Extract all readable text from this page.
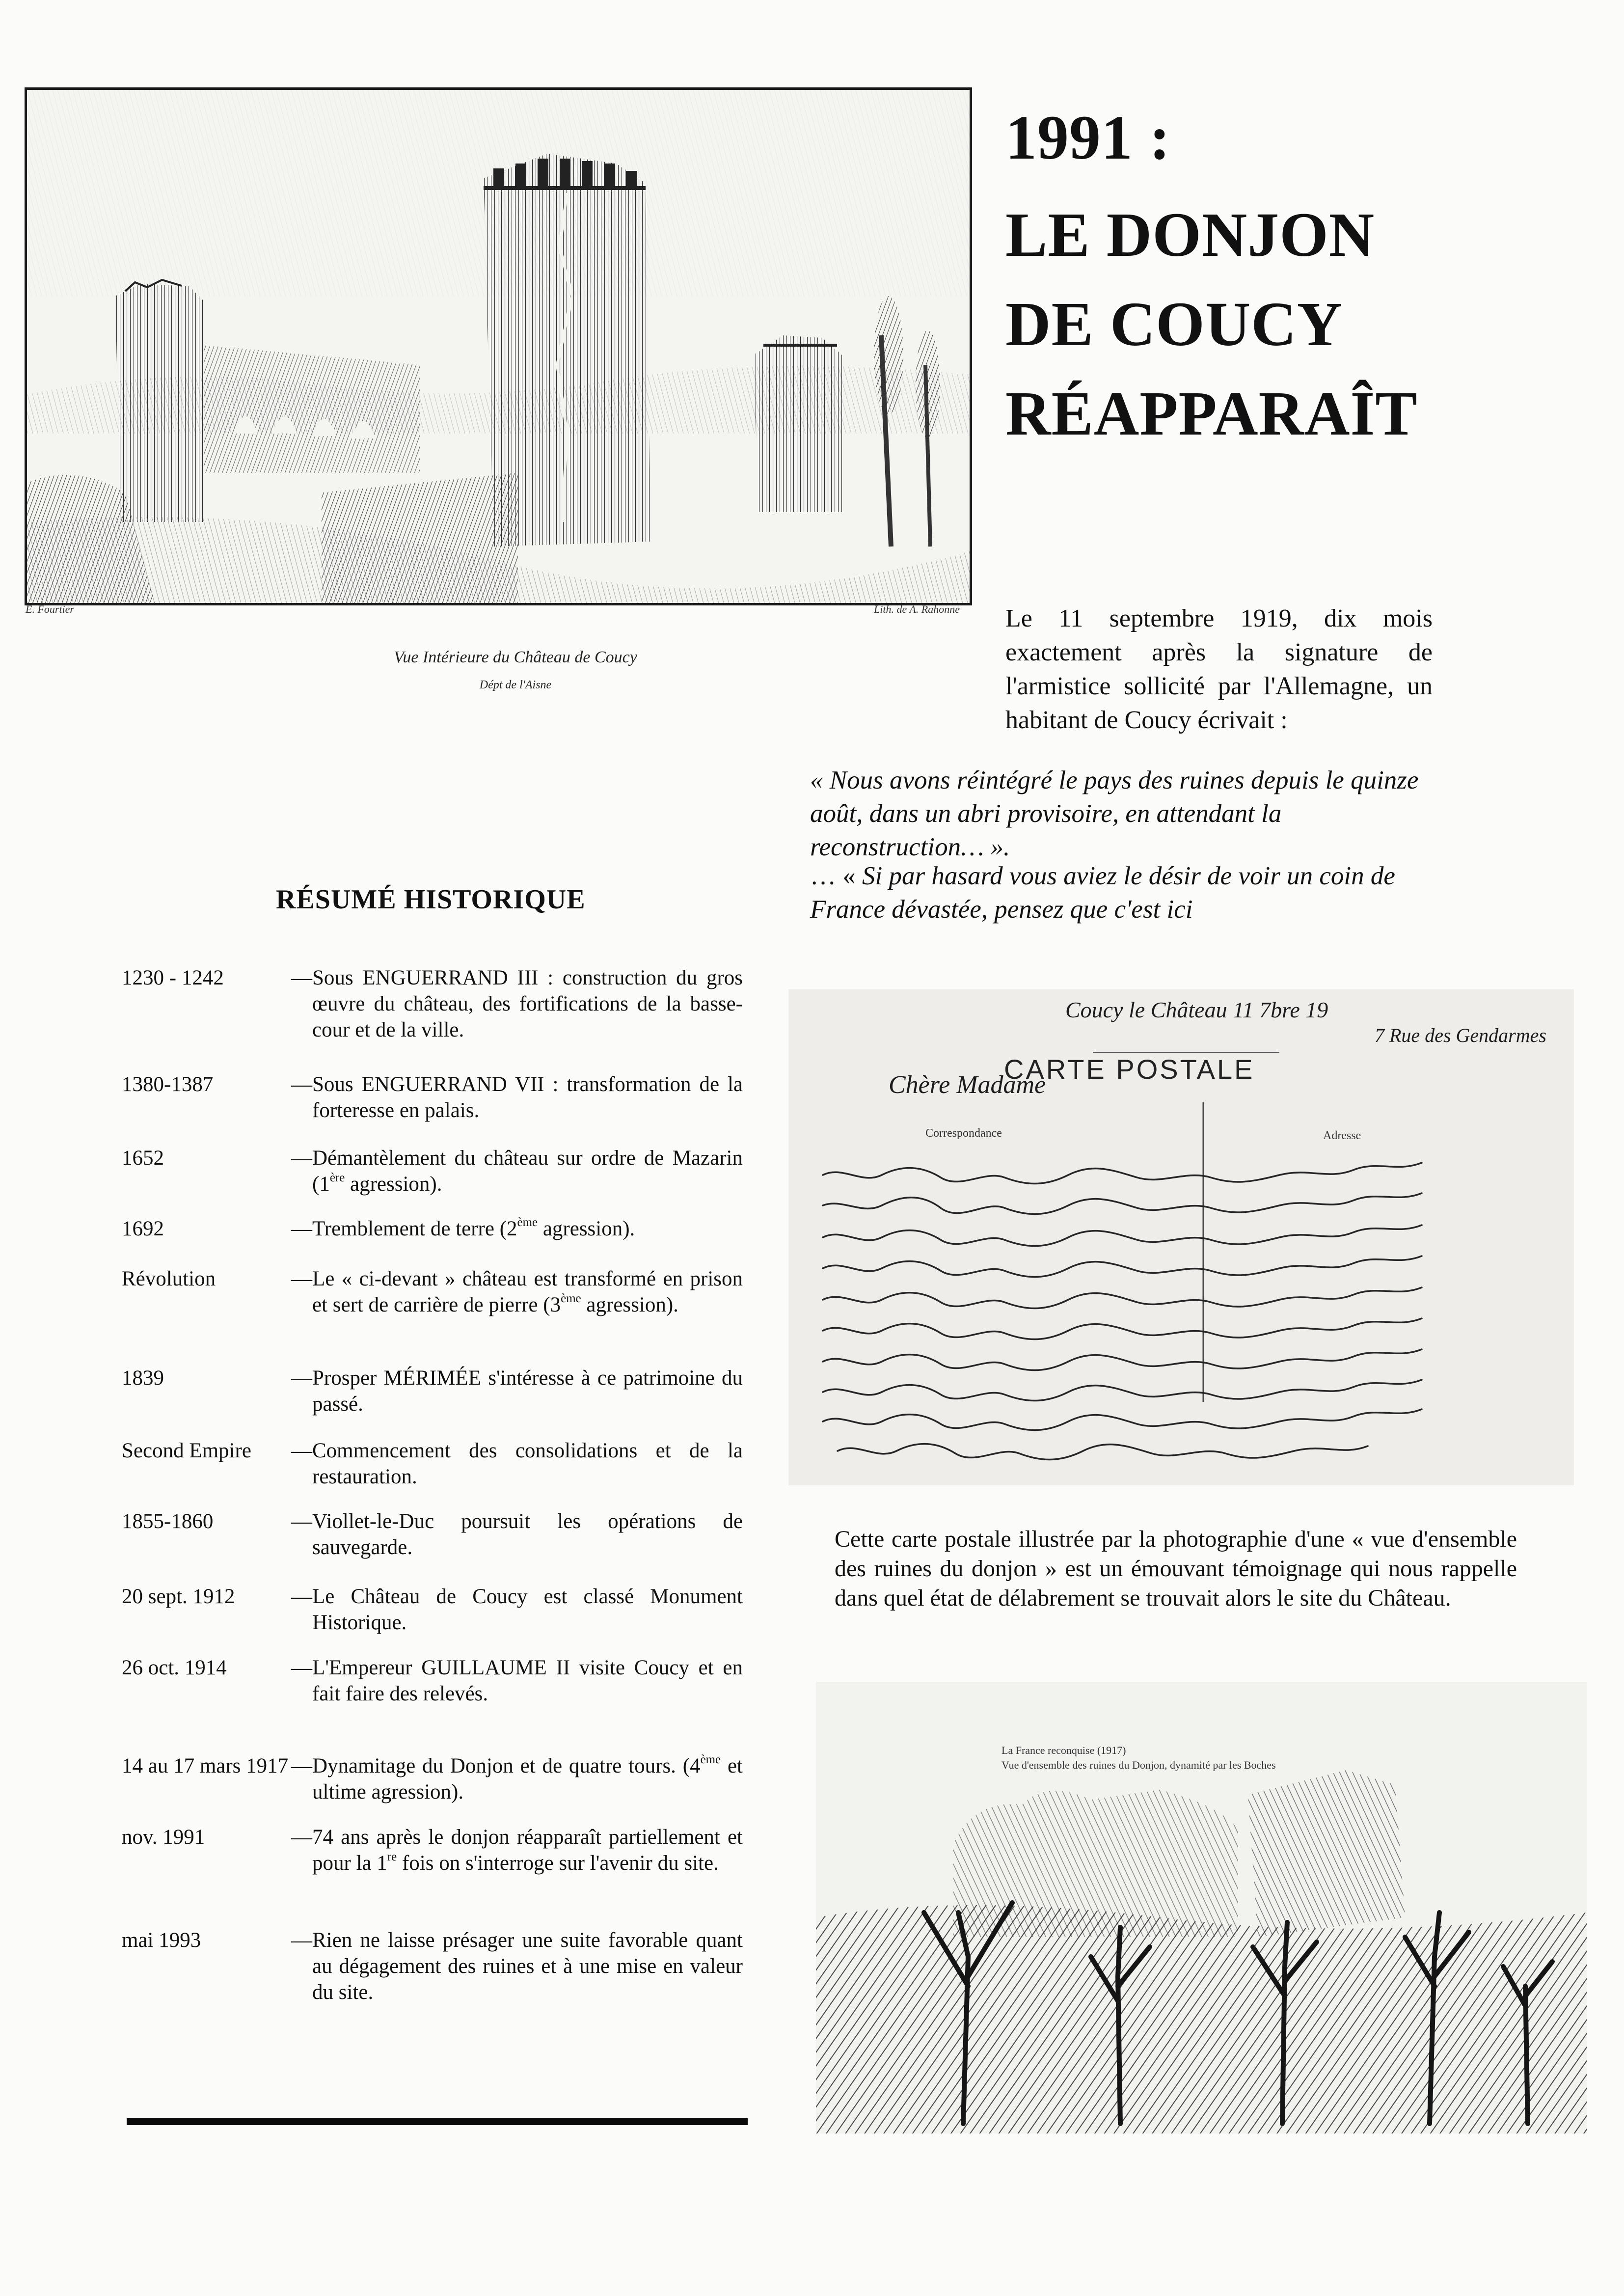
E. Fourtier	Lith. de A. Rahonne
Vue Intérieure du Château de Coucy
Dépt de l'Aisne
1991 :
LE DONJON
DE COUCY
RÉAPPARAÎT
Le 11 septembre 1919, dix mois exactement après la signature de l'armistice sollicité par l'Allemagne, un habitant de Coucy écrivait :
« Nous avons réintégré le pays des ruines depuis le quinze août, dans un abri provisoire, en attendant la reconstruction… ».
… « Si par hasard vous aviez le désir de voir un coin de France dévastée, pensez que c'est ici
RÉSUMÉ HISTORIQUE
1230 - 1242	— Sous ENGUERRAND III : construction du gros œuvre du château, des fortifications de la basse-cour et de la ville.
1380-1387	— Sous ENGUERRAND VII : transformation de la forteresse en palais.
1652	— Démantèlement du château sur ordre de Mazarin (1ère agression).
1692	— Tremblement de terre (2ème agression).
Révolution	— Le « ci-devant » château est transformé en prison et sert de carrière de pierre (3ème agression).
1839	— Prosper MÉRIMÉE s'intéresse à ce patrimoine du passé.
Second Empire	— Commencement des consolidations et de la restauration.
1855-1860	— Viollet-le-Duc poursuit les opérations de sauvegarde.
20 sept. 1912	— Le Château de Coucy est classé Monument Historique.
26 oct. 1914	— L'Empereur GUILLAUME II visite Coucy et en fait faire des relevés.
14 au 17 mars 1917 — Dynamitage du Donjon et de quatre tours. (4ème et ultime agression).
nov. 1991	— 74 ans après le donjon réapparaît partiellement et pour la 1re fois on s'interroge sur l'avenir du site.
mai 1993	— Rien ne laisse présager une suite favorable quant au dégagement des ruines et à une mise en valeur du site.
CARTE POSTALE
Coucy le Château 11 7bre 19
7 Rue des Gendarmes
Chère Madame
Correspondance	Adresse
Cette carte postale illustrée par la photographie d'une « vue d'ensemble des ruines du donjon » est un émouvant témoignage qui nous rappelle dans quel état de délabrement se trouvait alors le site du Château.
La France reconquise (1917)
Vue d'ensemble des ruines du Donjon, dynamité par les Boches
